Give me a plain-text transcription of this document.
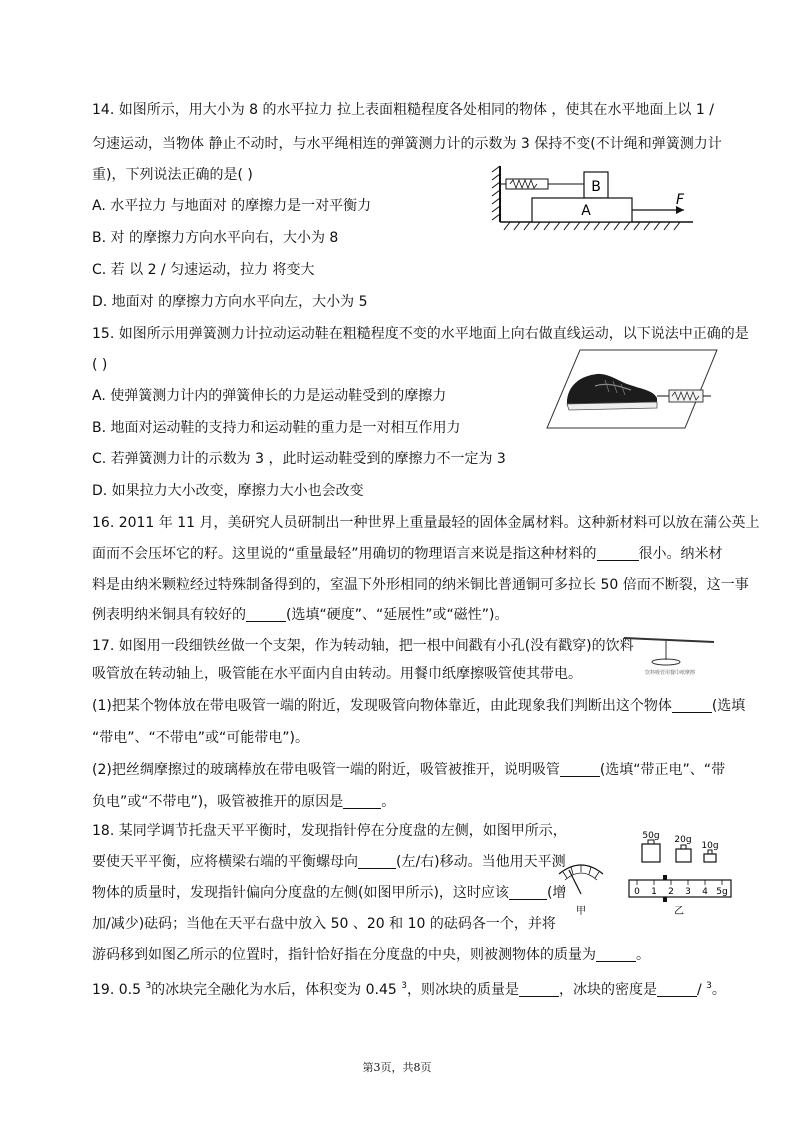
14. 如图所示，用大小为 8 的水平拉力 拉上表面粗糙程度各处相同的物体 ，使其在水平地面上以 1 /
匀速运动，当物体 静止不动时，与水平绳相连的弹簧测力计的示数为 3 保持不变(不计绳和弹簧测力计
重)，下列说法正确的是( )
A. 水平拉力 与地面对 的摩擦力是一对平衡力
B. 对 的摩擦力方向水平向右，大小为 8
C. 若 以 2 / 匀速运动，拉力 将变大
D. 地面对 的摩擦力方向水平向左，大小为 5
B
A
F
15. 如图所示用弹簧测力计拉动运动鞋在粗糙程度不变的水平地面上向右做直线运动，以下说法中正确的是
( )
A. 使弹簧测力计内的弹簧伸长的力是运动鞋受到的摩擦力
B. 地面对运动鞋的支持力和运动鞋的重力是一对相互作用力
C. 若弹簧测力计的示数为 3 ，此时运动鞋受到的摩擦力不一定为 3
D. 如果拉力大小改变，摩擦力大小也会改变
16. 2011 年 11 月，美研究人员研制出一种世界上重量最轻的固体金属材料。这种新材料可以放在蒲公英上
面而不会压坏它的籽。这里说的“重量最轻”用确切的物理语言来说是指这种材料的	很小。纳米材
料是由纳米颗粒经过特殊制备得到的，室温下外形相同的纳米铜比普通铜可多拉长 50 倍而不断裂，这一事
例表明纳米铜具有较好的	(选填“硬度”、“延展性”或“磁性”)。
17. 如图用一段细铁丝做一个支架，作为转动轴，把一根中间戳有小孔(没有戳穿)的饮料
吸管放在转动轴上，吸管能在水平面内自由转动。用餐巾纸摩擦吸管使其带电。
(1)把某个物体放在带电吸管一端的附近，发现吸管向物体靠近，由此现象我们判断出这个物体	(选填
“带电”、“不带电”或“可能带电”)。
(2)把丝绸摩擦过的玻璃棒放在带电吸管一端的附近，吸管被推开，说明吸管	(选填“带正电”、“带
负电”或“不带电”)，吸管被推开的原因是	。
饮料吸管用餐巾纸摩擦
18. 某同学调节托盘天平平衡时，发现指针停在分度盘的左侧，如图甲所示，
要使天平平衡，应将横梁右端的平衡螺母向	(左/右)移动。当他用天平测
物体的质量时，发现指针偏向分度盘的左侧(如图甲所示)，这时应该	(增
加/减少)砝码；当他在天平右盘中放入 50 、20 和 10 的砝码各一个，并将
游码移到如图乙所示的位置时，指针恰好指在分度盘的中央，则被测物体的质量为	。
50g 20g
10g
甲
0 1 2 3 4 5g
乙
19. 0.5 $^3$的冰块完全融化为水后，体积变为 0.45 $^3$，则冰块的质量是	，冰块的密度是	/ $^3$。
第3页，共8页
